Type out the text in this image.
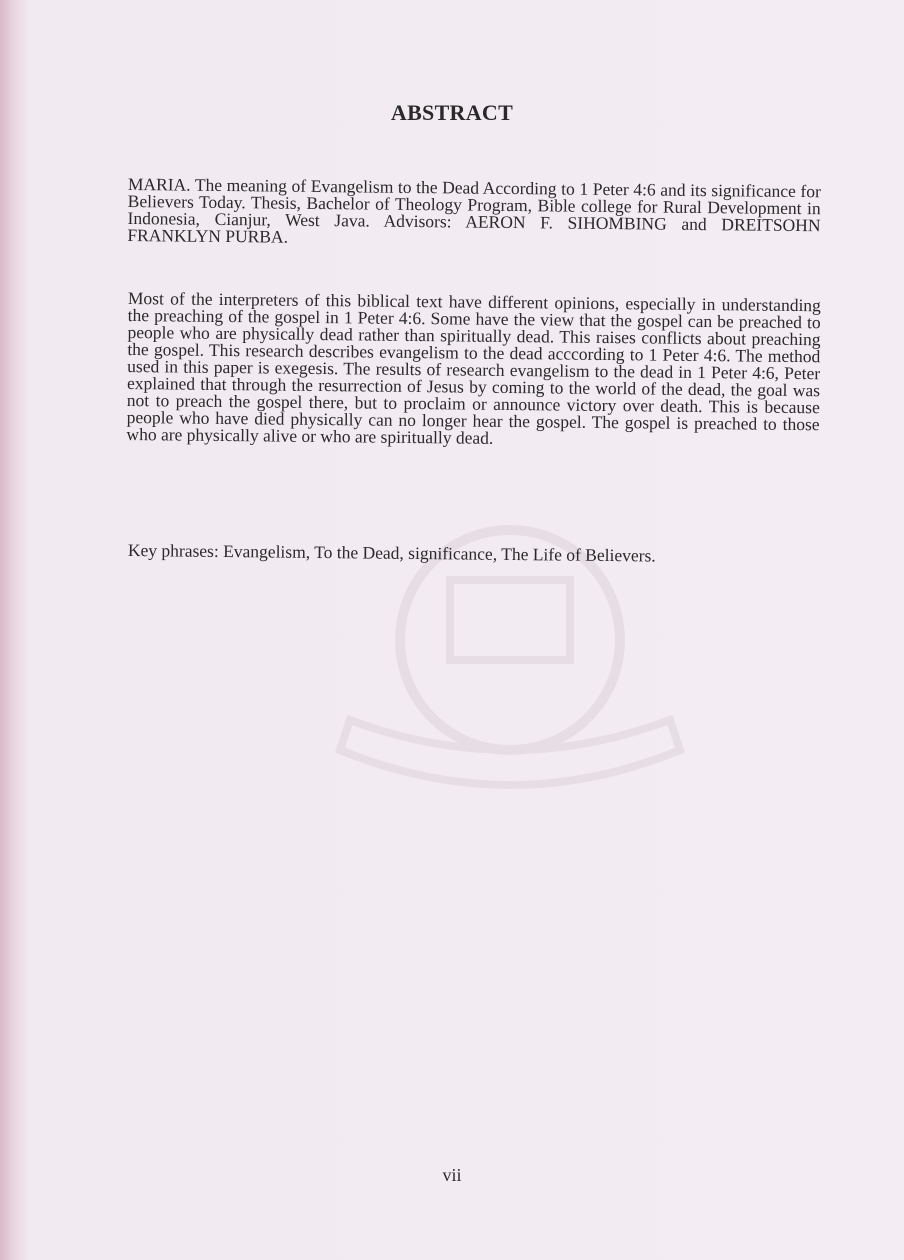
ABSTRACT

MARIA. The meaning of Evangelism to the Dead According to 1 Peter 4:6 and its significance for Believers Today. Thesis, Bachelor of Theology Program, Bible college for Rural Development in Indonesia, Cianjur, West Java. Advisors: AERON F. SIHOMBING and DREITSOHN FRANKLYN PURBA.

Most of the interpreters of this biblical text have different opinions, especially in understanding the preaching of the gospel in 1 Peter 4:6. Some have the view that the gospel can be preached to people who are physically dead rather than spiritually dead. This raises conflicts about preaching the gospel. This research describes evangelism to the dead acccording to 1 Peter 4:6. The method used in this paper is exegesis. The results of research evangelism to the dead in 1 Peter 4:6, Peter explained that through the resurrection of Jesus by coming to the world of the dead, the goal was not to preach the gospel there, but to proclaim or announce victory over death. This is because people who have died physically can no longer hear the gospel. The gospel is preached to those who are physically alive or who are spiritually dead.

Key phrases: Evangelism, To the Dead, significance, The Life of Believers.

vii
